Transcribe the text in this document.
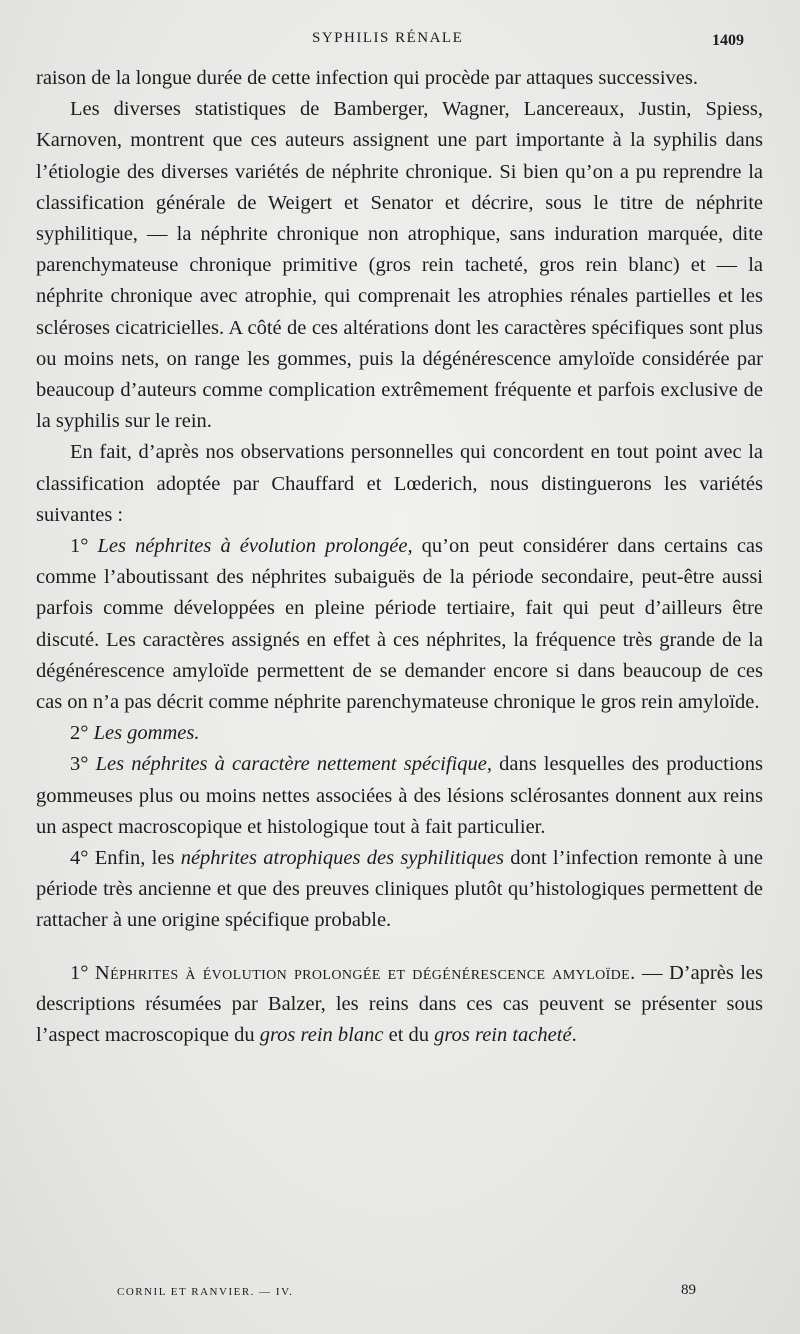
SYPHILIS RÉNALE	1409

raison de la longue durée de cette infection qui procède par attaques successives.

Les diverses statistiques de Bamberger, Wagner, Lancereaux, Justin, Spiess, Karnoven, montrent que ces auteurs assignent une part importante à la syphilis dans l’étiologie des diverses variétés de néphrite chronique. Si bien qu’on a pu reprendre la classification générale de Weigert et Senator et décrire, sous le titre de néphrite syphilitique, — la néphrite chronique non atrophique, sans induration marquée, dite parenchymateuse chronique primitive (gros rein tacheté, gros rein blanc) et — la néphrite chronique avec atrophie, qui comprenait les atrophies rénales partielles et les scléroses cicatricielles. A côté de ces altérations dont les caractères spécifiques sont plus ou moins nets, on range les gommes, puis la dégénérescence amyloïde considérée par beaucoup d’auteurs comme complication extrêmement fréquente et parfois exclusive de la syphilis sur le rein.

En fait, d’après nos observations personnelles qui concordent en tout point avec la classification adoptée par Chauffard et Lœderich, nous distinguerons les variétés suivantes :

1° Les néphrites à évolution prolongée, qu’on peut considérer dans certains cas comme l’aboutissant des néphrites subaiguës de la période secondaire, peut-être aussi parfois comme développées en pleine période tertiaire, fait qui peut d’ailleurs être discuté. Les caractères assignés en effet à ces néphrites, la fréquence très grande de la dégénérescence amyloïde permettent de se demander encore si dans beaucoup de ces cas on n’a pas décrit comme néphrite parenchymateuse chronique le gros rein amyloïde.

2° Les gommes.

3° Les néphrites à caractère nettement spécifique, dans lesquelles des productions gommeuses plus ou moins nettes associées à des lésions sclérosantes donnent aux reins un aspect macroscopique et histologique tout à fait particulier.

4° Enfin, les néphrites atrophiques des syphilitiques dont l’infection remonte à une période très ancienne et que des preuves cliniques plutôt qu’histologiques permettent de rattacher à une origine spécifique probable.

1° Néphrites à évolution prolongée et dégénérescence amyloïde. — D’après les descriptions résumées par Balzer, les reins dans ces cas peuvent se présenter sous l’aspect macroscopique du gros rein blanc et du gros rein tacheté.

CORNIL ET RANVIER. — IV.	89
